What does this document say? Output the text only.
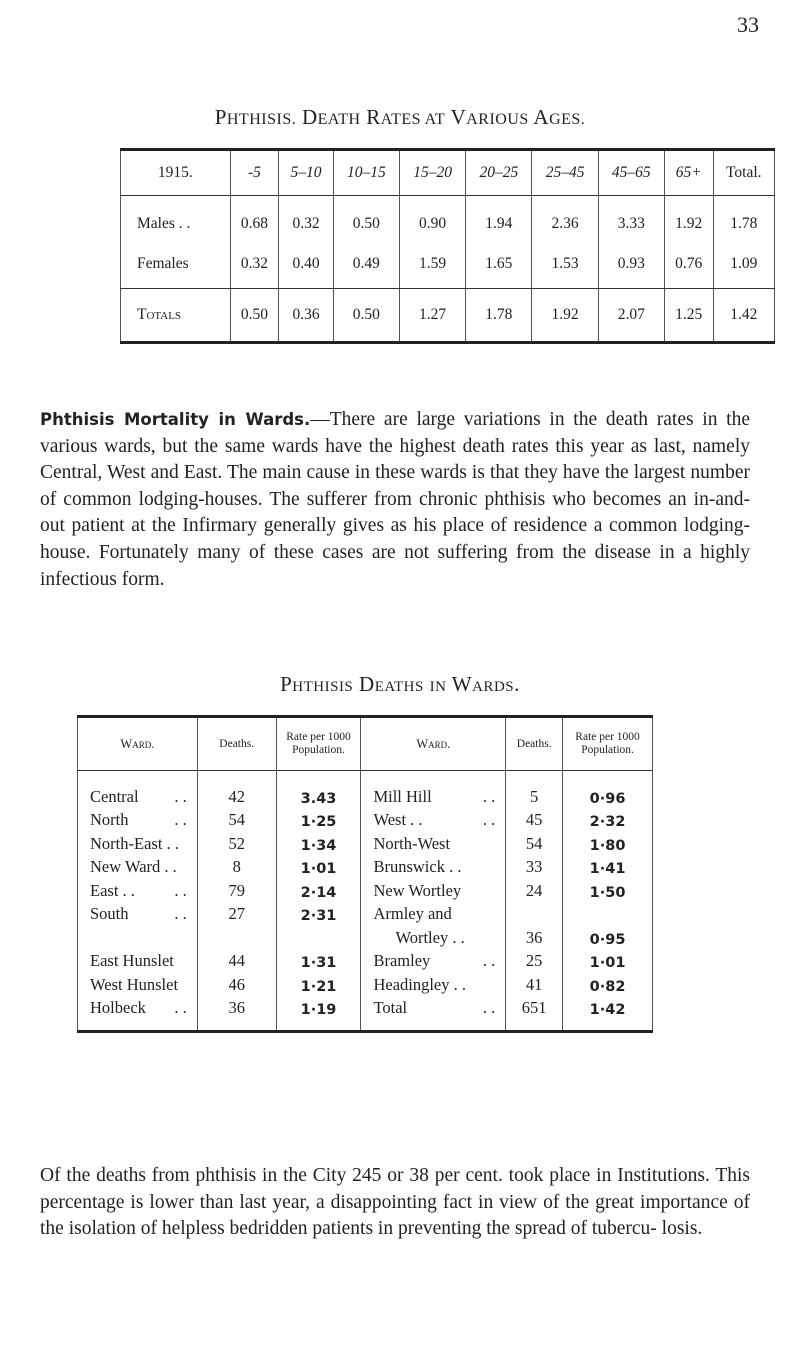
33
PHTHISIS. DEATH RATES AT VARIOUS AGES.
1915.	-5	5–10	10–15	15–20	20–25	25–45	45–65	65+	Total.
Males . .	0.68	0.32	0.50	0.90	1.94	2.36	3.33	1.92	1.78
Females	0.32	0.40	0.49	1.59	1.65	1.53	0.93	0.76	1.09
Totals	0.50	0.36	0.50	1.27	1.78	1.92	2.07	1.25	1.42

Phthisis Mortality in Wards.—There are large variations in the death rates in the various wards, but the same wards have the highest death rates this year as last, namely Central, West and East. The main cause in these wards is that they have the largest number of common lodging-houses. The sufferer from chronic phthisis who becomes an in-and-out patient at the Infirmary generally gives as his place of residence a common lodging-house. Fortunately many of these cases are not suffering from the disease in a highly infectious form.

Phthisis Deaths in Wards.
Ward.	Deaths.	Rate per 1000
Population.	Ward.	Deaths.	Rate per 1000
Population.
Central . .	42	3.43	Mill Hill . .	5	0·96
North . .	54	1·25	West . . . .	45	2·32
North-East . .	52	1·34	North-West	54	1·80
New Ward . .	8	1·01	Brunswick . .	33	1·41
East . . . .	79	2·14	New Wortley	24	1·50
South . .	27	2·31	Armley and

			Wortley . .	36	0·95
East Hunslet	44	1·31	Bramley . .	25	1·01
West Hunslet	46	1·21	Headingley . .	41	0·82
Holbeck . .	36	1·19	Total . .	651	1·42

Of the deaths from phthisis in the City 245 or 38 per cent. took place in Institutions. This percentage is lower than last year, a disappointing fact in view of the great importance of the isolation of helpless bedridden patients in preventing the spread of tubercu- losis.
